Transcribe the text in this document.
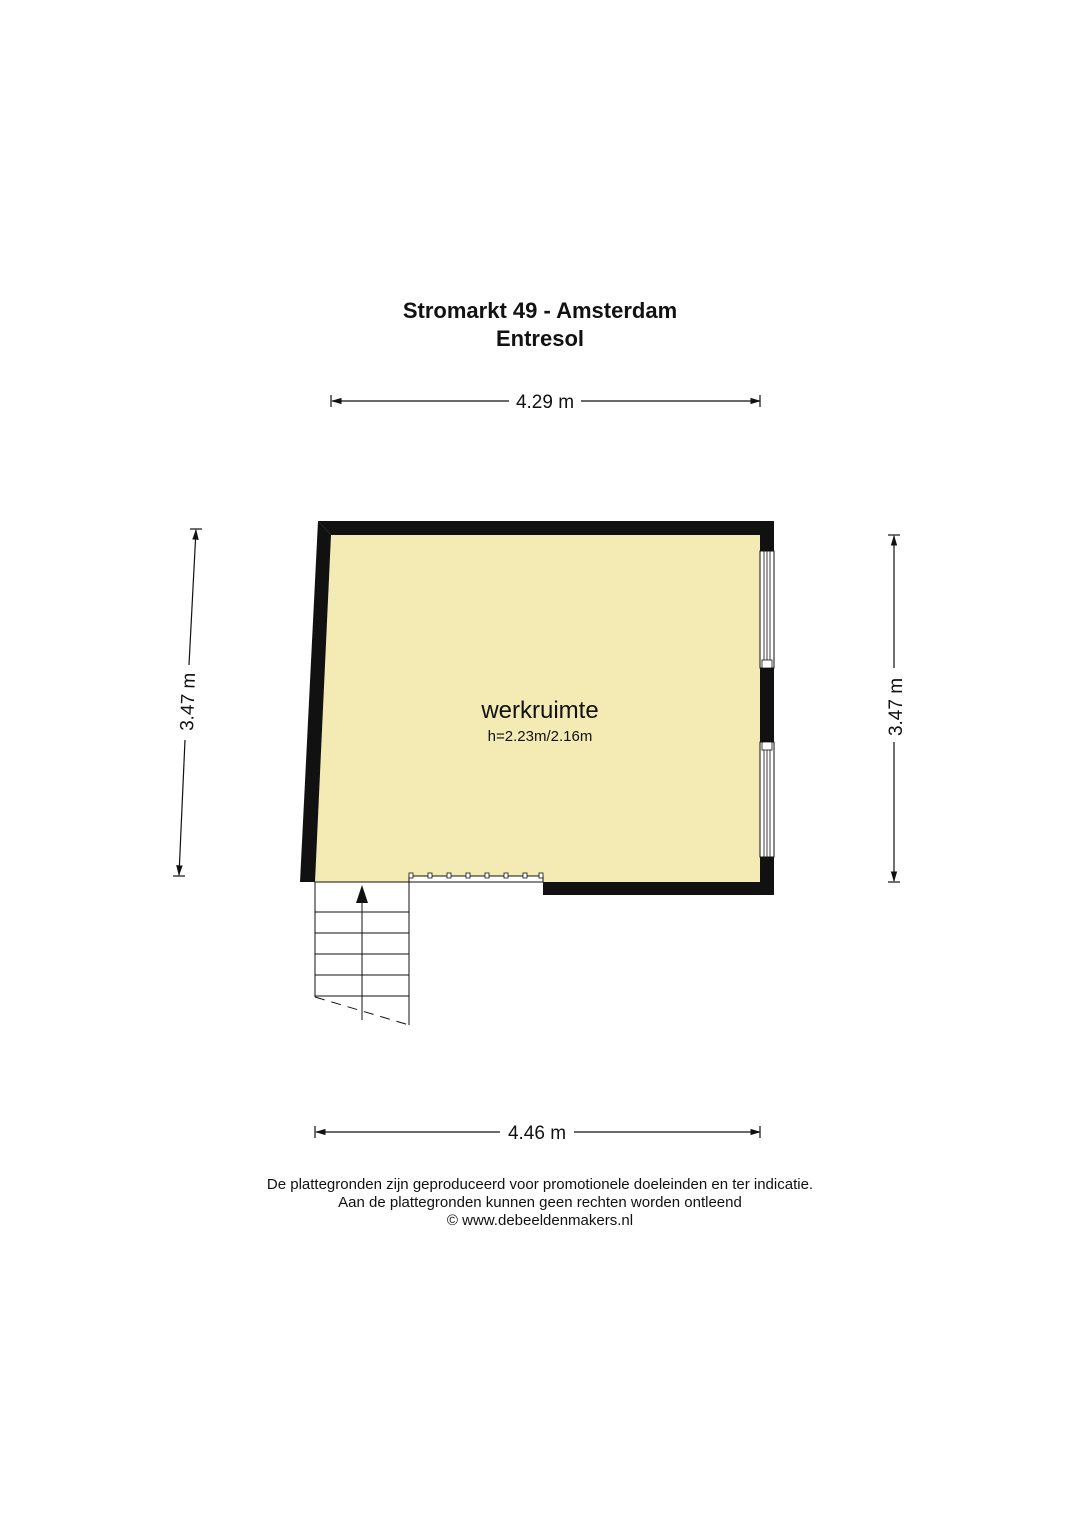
Stromarkt 49 - Amsterdam
Entresol
4.29 m
4.46 m
3.47 m	3.47 m
werkruimte
h=2.23m/2.16m
De plattegronden zijn geproduceerd voor promotionele doeleinden en ter indicatie.
Aan de plattegronden kunnen geen rechten worden ontleend
© www.debeeldenmakers.nl
